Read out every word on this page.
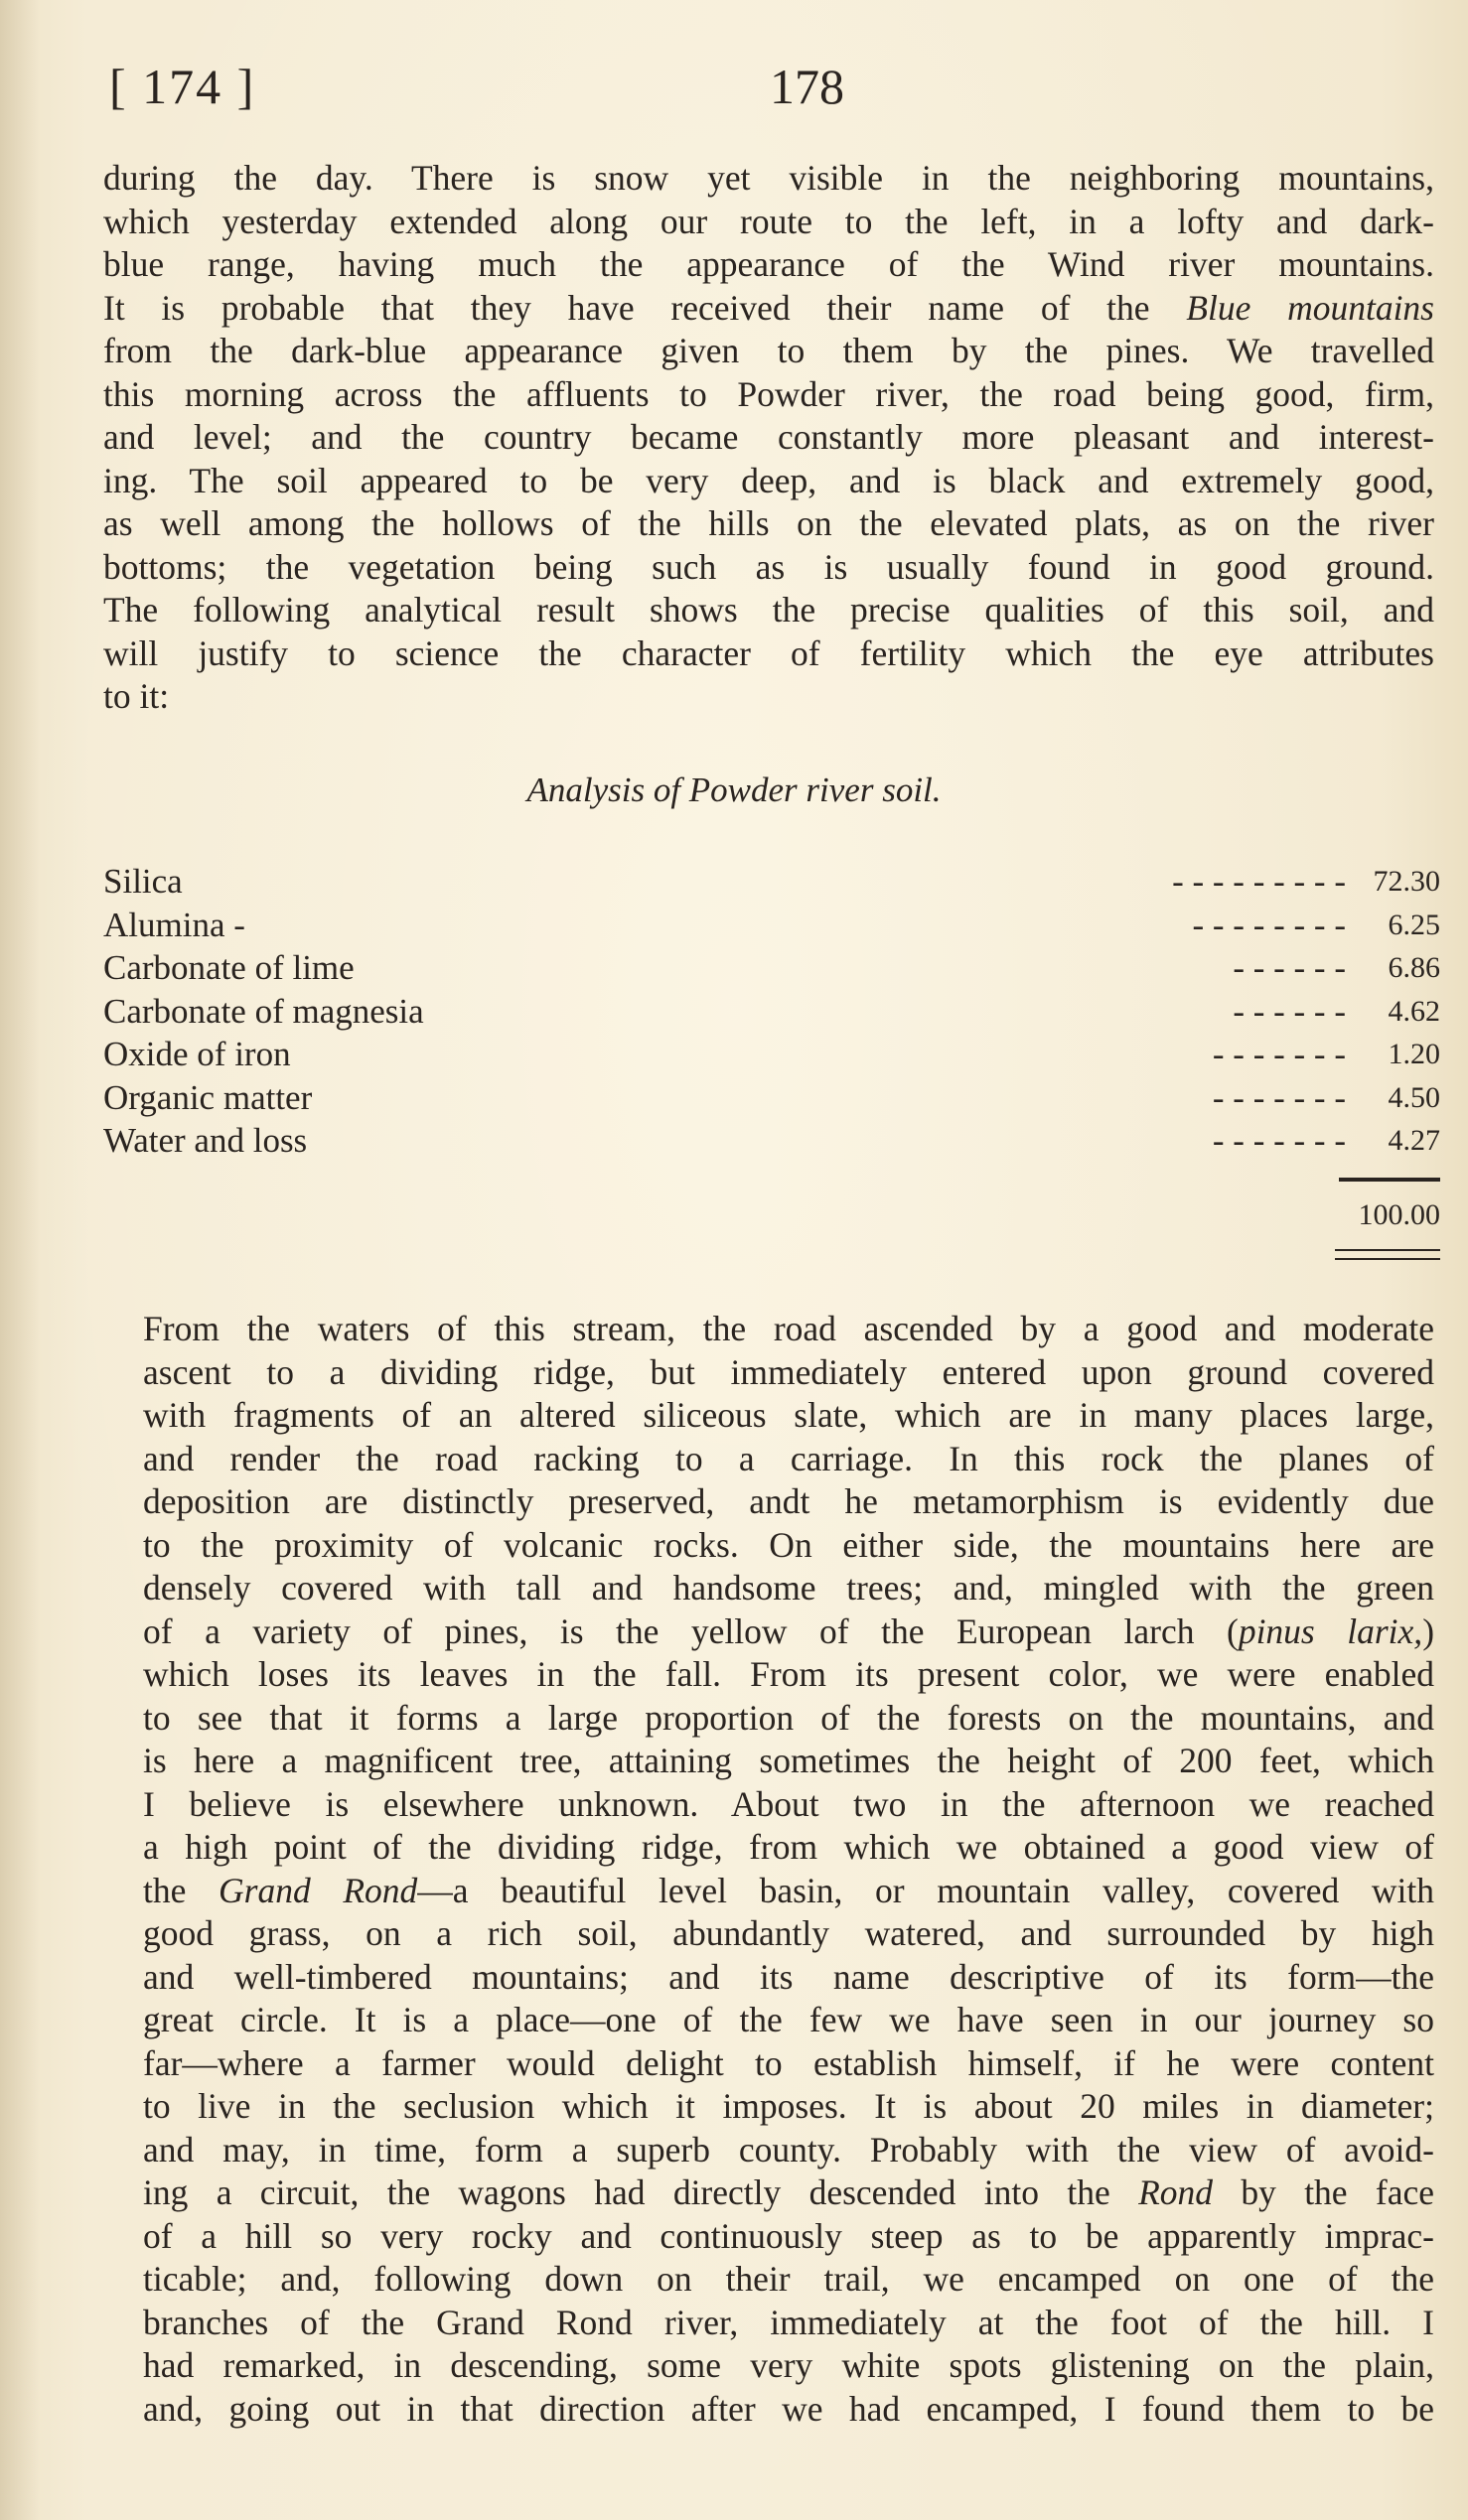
[ 174 ]	178

during the day. There is snow yet visible in the neighboring mountains,
which yesterday extended along our route to the left, in a lofty and dark-
blue range, having much the appearance of the Wind river mountains.
It is probable that they have received their name of the Blue mountains
from the dark-blue appearance given to them by the pines. We travelled
this morning across the affluents to Powder river, the road being good, firm,
and level; and the country became constantly more pleasant and interest-
ing. The soil appeared to be very deep, and is black and extremely good,
as well among the hollows of the hills on the elevated plats, as on the river
bottoms; the vegetation being such as is usually found in good ground.
The following analytical result shows the precise qualities of this soil, and
will justify to science the character of fertility which the eye attributes
to it:

Analysis of Powder river soil.

- - - - - - - - -
Silica	72.30
- - - - - - - -
Alumina -	6.25
- - - - - -
Carbonate of lime	6.86
- - - - - -
Carbonate of magnesia	4.62
- - - - - - -
Oxide of iron	1.20
- - - - - - -
Organic matter	4.50
- - - - - - -
Water and loss	4.27
100.00

From the waters of this stream, the road ascended by a good and moderate
ascent to a dividing ridge, but immediately entered upon ground covered
with fragments of an altered siliceous slate, which are in many places large,
and render the road racking to a carriage. In this rock the planes of
deposition are distinctly preserved, andt he metamorphism is evidently due
to the proximity of volcanic rocks. On either side, the mountains here are
densely covered with tall and handsome trees; and, mingled with the green
of a variety of pines, is the yellow of the European larch (pinus larix,)
which loses its leaves in the fall. From its present color, we were enabled
to see that it forms a large proportion of the forests on the mountains, and
is here a magnificent tree, attaining sometimes the height of 200 feet, which
I believe is elsewhere unknown. About two in the afternoon we reached
a high point of the dividing ridge, from which we obtained a good view of
the Grand Rond—a beautiful level basin, or mountain valley, covered with
good grass, on a rich soil, abundantly watered, and surrounded by high
and well-timbered mountains; and its name descriptive of its form—the
great circle. It is a place—one of the few we have seen in our journey so
far—where a farmer would delight to establish himself, if he were content
to live in the seclusion which it imposes. It is about 20 miles in diameter;
and may, in time, form a superb county. Probably with the view of avoid-
ing a circuit, the wagons had directly descended into the Rond by the face
of a hill so very rocky and continuously steep as to be apparently imprac-
ticable; and, following down on their trail, we encamped on one of the
branches of the Grand Rond river, immediately at the foot of the hill. I
had remarked, in descending, some very white spots glistening on the plain,
and, going out in that direction after we had encamped, I found them to be
